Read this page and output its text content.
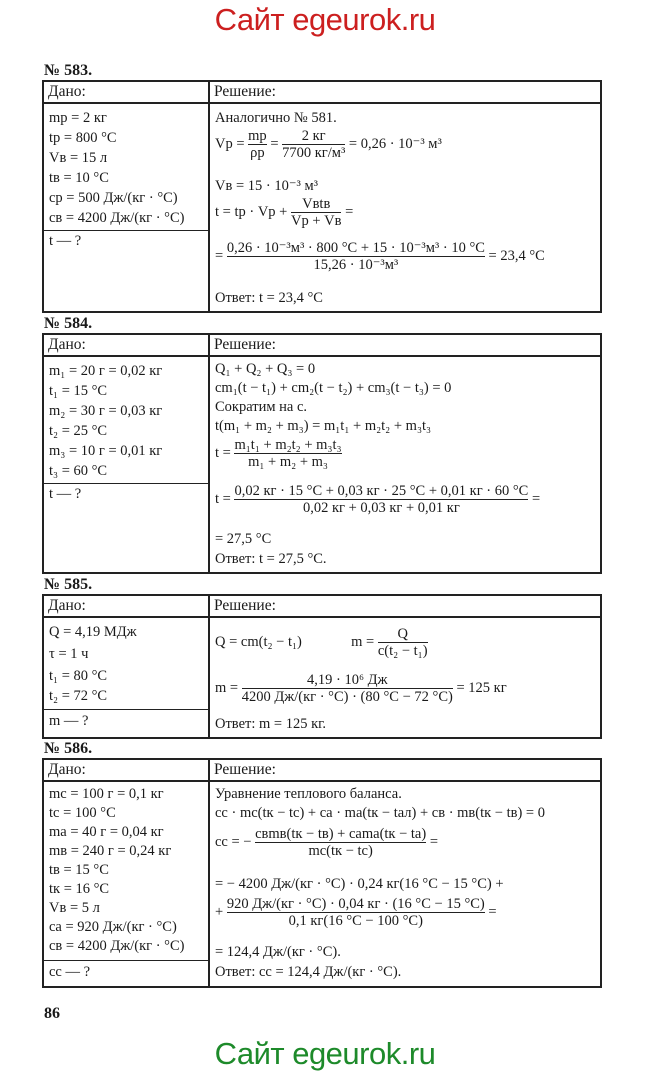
Сайт egeurok.ru
№ 583.
Дано:
mр = 2 кг
tр = 800 °C
Vв = 15 л
tв = 10 °C
cр = 500 Дж/(кг · °C)
cв = 4200 Дж/(кг · °C)
t — ?
Решение:
Аналогично № 581.
Vр = $\frac{mр}{\rho р} = \frac{2 кг}{\text{7700 кг/м³}} = 0,26 \cdot 10^{-3}$ м³
Vв = 15 · 10⁻³ м³
t = tр · Vр + $\frac{\text{Vвtв}}{Vр + Vв}$ =
= $\frac{\text{0,26 · 10⁻³м³ · 800 °C + 15 · 10⁻³м³ · 10 °C}}{\text{15,26 · 10⁻³м³}} = 23,4$ °C
Ответ: t = 23,4 °C
№ 584.
Дано:
m₁ = 20 г = 0,02 кг
t₁ = 15 °C
m₂ = 30 г = 0,03 кг
t₂ = 25 °C
m₃ = 10 г = 0,01 кг
t₃ = 60 °C
t — ?
Решение:
Q₁ + Q₂ + Q₃ = 0
cm₁(t − t₁) + cm₂(t − t₂) + cm₃(t − t₃) = 0
Сократим на c.
t(m₁ + m₂ + m₃) = m₁t₁ + m₂t₂ + m₃t₃
$t = \frac{\text{m₁t₁ + m₂t₂ + m₃t₃}}{\text{m₁ + m₂ + m₃}}$
$t = \frac{0,02 кг \cdot 15 ^\circ C + 0,03 кг \cdot 25 ^\circ C + 0,01 кг \cdot 60 ^\circ C}{0,02 кг + 0,03 кг + 0,01 кг}$ =
= 27,5 °C
Ответ: t = 27,5 °C.
№ 585.
Дано:
Q = 4,19 МДж
τ = 1 ч
t₁ = 80 °C
t₂ = 72 °C
m — ?
Решение:
Q = cm(t₂ − t₁)	$m = \frac{Q}{\text{c(t₂ − t₁)}}$
$m = \frac{\text{4,19 · 10⁶ Дж}}{4200 Дж/(кг \cdot ^\circ C) \cdot (80 ^\circ C - 72 ^\circ C)} = 125$ кг
Ответ: m = 125 кг.
№ 586.
Дано:
mс = 100 г = 0,1 кг
tс = 100 °C
mа = 40 г = 0,04 кг
mв = 240 г = 0,24 кг
tв = 15 °C
tк = 16 °C
Vв = 5 л
cа = 920 Дж/(кг · °C)
cв = 4200 Дж/(кг · °C)
cс — ?
Решение:
Уравнение теплового баланса.
cс · mс(tк − tс) + cа · mа(tк − tал) + cв · mв(tк − tв) = 0
cс = − $\frac{\text{cвmв(tк − tв) + cаmа(tк − tа)}}{mс(tк - tс)}$ =
= − 4200 Дж/(кг · °C) · 0,24 кг(16 °C − 15 °C) +
+ $\frac{920 Дж/(кг \cdot ^\circ C) \cdot 0,04 кг \cdot (16 ^\circ C - 15 ^\circ C)}{0,1 кг(16 ^\circ C - 100 ^\circ C)}$ =
= 124,4 Дж/(кг · °C).
Ответ: cс = 124,4 Дж/(кг · °C).
86
Сайт egeurok.ru
